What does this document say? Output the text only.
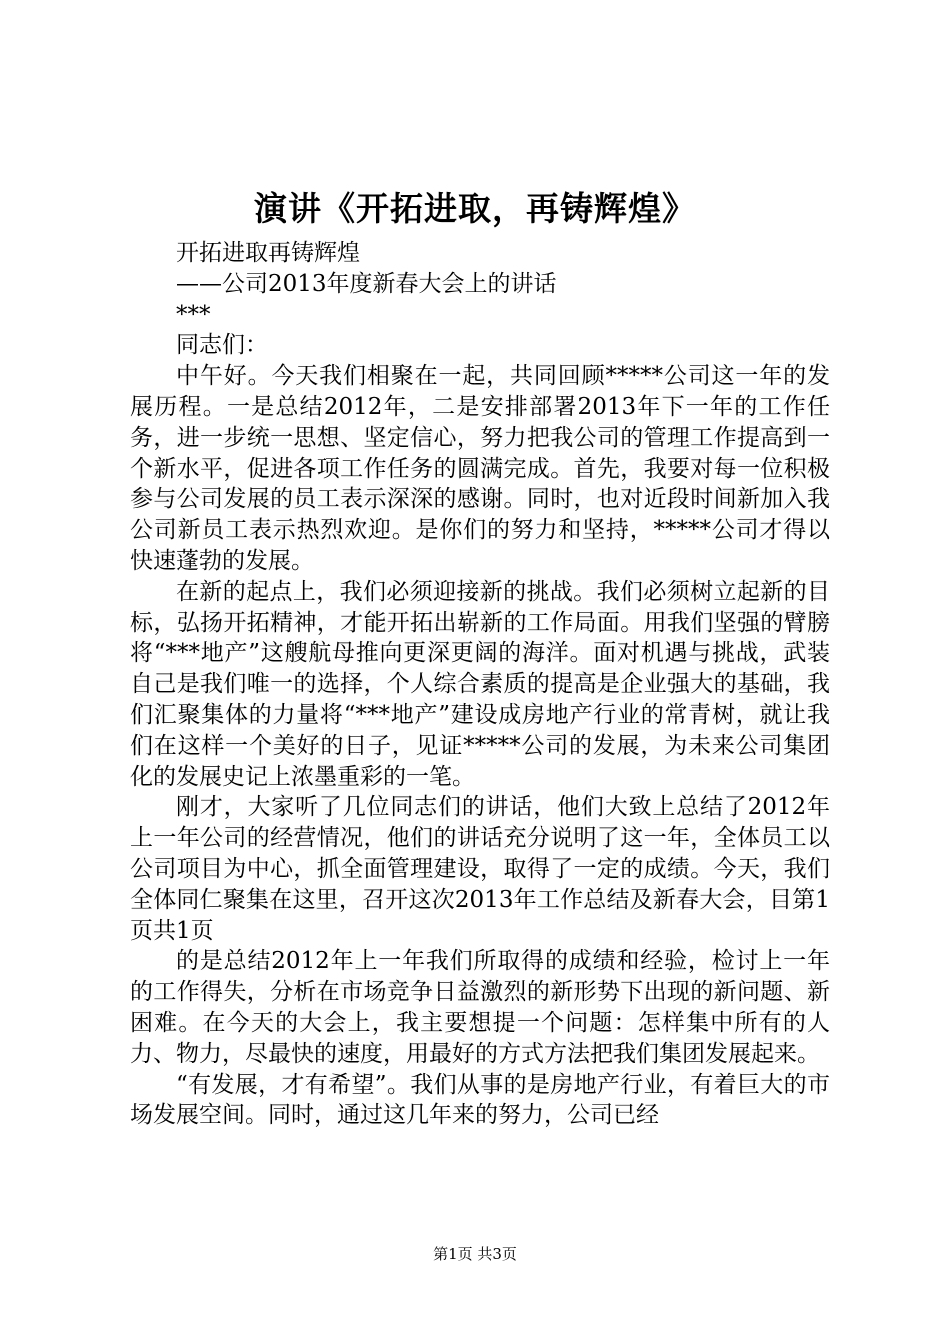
演讲《开拓进取，再铸辉煌》

开拓进取再铸辉煌

——公司2013年度新春大会上的讲话

***

同志们：

中午好。今天我们相聚在一起，共同回顾*****公司这一年的发展历程。一是总结2012年，二是安排部署2013年下一年的工作任务，进一步统一思想、坚定信心，努力把我公司的管理工作提高到一个新水平，促进各项工作任务的圆满完成。首先，我要对每一位积极参与公司发展的员工表示深深的感谢。同时，也对近段时间新加入我公司新员工表示热烈欢迎。是你们的努力和坚持，*****公司才得以快速蓬勃的发展。

在新的起点上，我们必须迎接新的挑战。我们必须树立起新的目标，弘扬开拓精神，才能开拓出崭新的工作局面。用我们坚强的臂膀将“***地产”这艘航母推向更深更阔的海洋。面对机遇与挑战，武装自己是我们唯一的选择，个人综合素质的提高是企业强大的基础，我们汇聚集体的力量将“***地产”建设成房地产行业的常青树，就让我们在这样一个美好的日子，见证*****公司的发展，为未来公司集团化的发展史记上浓墨重彩的一笔。

刚才，大家听了几位同志们的讲话，他们大致上总结了2012年上一年公司的经营情况，他们的讲话充分说明了这一年，全体员工以公司项目为中心，抓全面管理建设，取得了一定的成绩。今天，我们全体同仁聚集在这里，召开这次2013年工作总结及新春大会，目第1页共1页

的是总结2012年上一年我们所取得的成绩和经验，检讨上一年的工作得失，分析在市场竞争日益激烈的新形势下出现的新问题、新困难。在今天的大会上，我主要想提一个问题：怎样集中所有的人力、物力，尽最快的速度，用最好的方式方法把我们集团发展起来。

“有发展，才有希望”。我们从事的是房地产行业，有着巨大的市场发展空间。同时，通过这几年来的努力，公司已经

第1页 共3页
